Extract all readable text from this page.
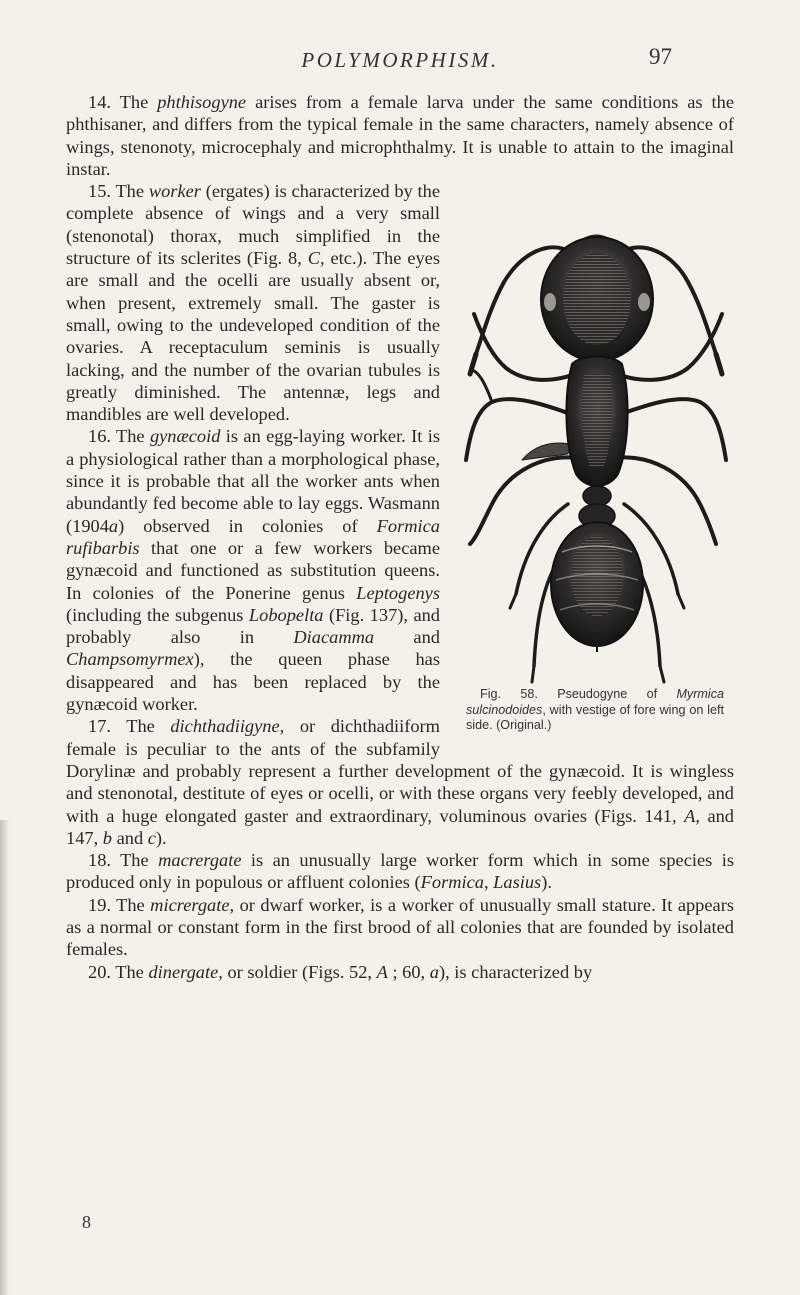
POLYMORPHISM.	97

14. The phthisogyne arises from a female larva under the same conditions as the phthisaner, and differs from the typical female in the same characters, namely absence of wings, stenonoty, microcephaly and microphthalmy. It is unable to attain to the imaginal instar.

15. The worker
Fig. 58. Pseudogyne of Myrmica sulcinodoides, with vestige of fore wing on left side. (Original.)
(ergates) is characterized by the complete absence of wings and a very small (stenonotal) thorax, much simplified in the structure of its sclerites (Fig. 8, C, etc.). The eyes are small and the ocelli are usually absent or, when present, extremely small. The gaster is small, owing to the undeveloped condition of the ovaries. A receptaculum seminis is usually lacking, and the number of the ovarian tubules is greatly diminished. The antennæ, legs and mandibles are well developed.

16. The gynæcoid is an egg-laying worker. It is a physiological rather than a morphological phase, since it is probable that all the worker ants when abundantly fed become able to lay eggs. Wasmann (1904a) observed in colonies of Formica rufibarbis that one or a few workers became gynæcoid and functioned as substitution queens. In colonies of the Ponerine genus Leptogenys (including the subgenus Lobopelta (Fig. 137), and probably also in Diacamma and Champsomyrmex), the queen phase has disappeared and has been replaced by the gynæcoid worker.

17. The dichthadiigyne, or dichthadiiform female is peculiar to the ants of the subfamily Dorylinæ and probably represent a further development of the gynæcoid. It is wingless and stenonotal, destitute of eyes or ocelli, or with these organs very feebly developed, and with a huge elongated gaster and extraordinary, voluminous ovaries (Figs. 141, A, and 147, b and c).

18. The macrergate is an unusually large worker form which in some species is produced only in populous or affluent colonies (Formica, Lasius).

19. The micrergate, or dwarf worker, is a worker of unusually small stature. It appears as a normal or constant form in the first brood of all colonies that are founded by isolated females.

20. The dinergate, or soldier (Figs. 52, A ; 60, a), is characterized by

8
